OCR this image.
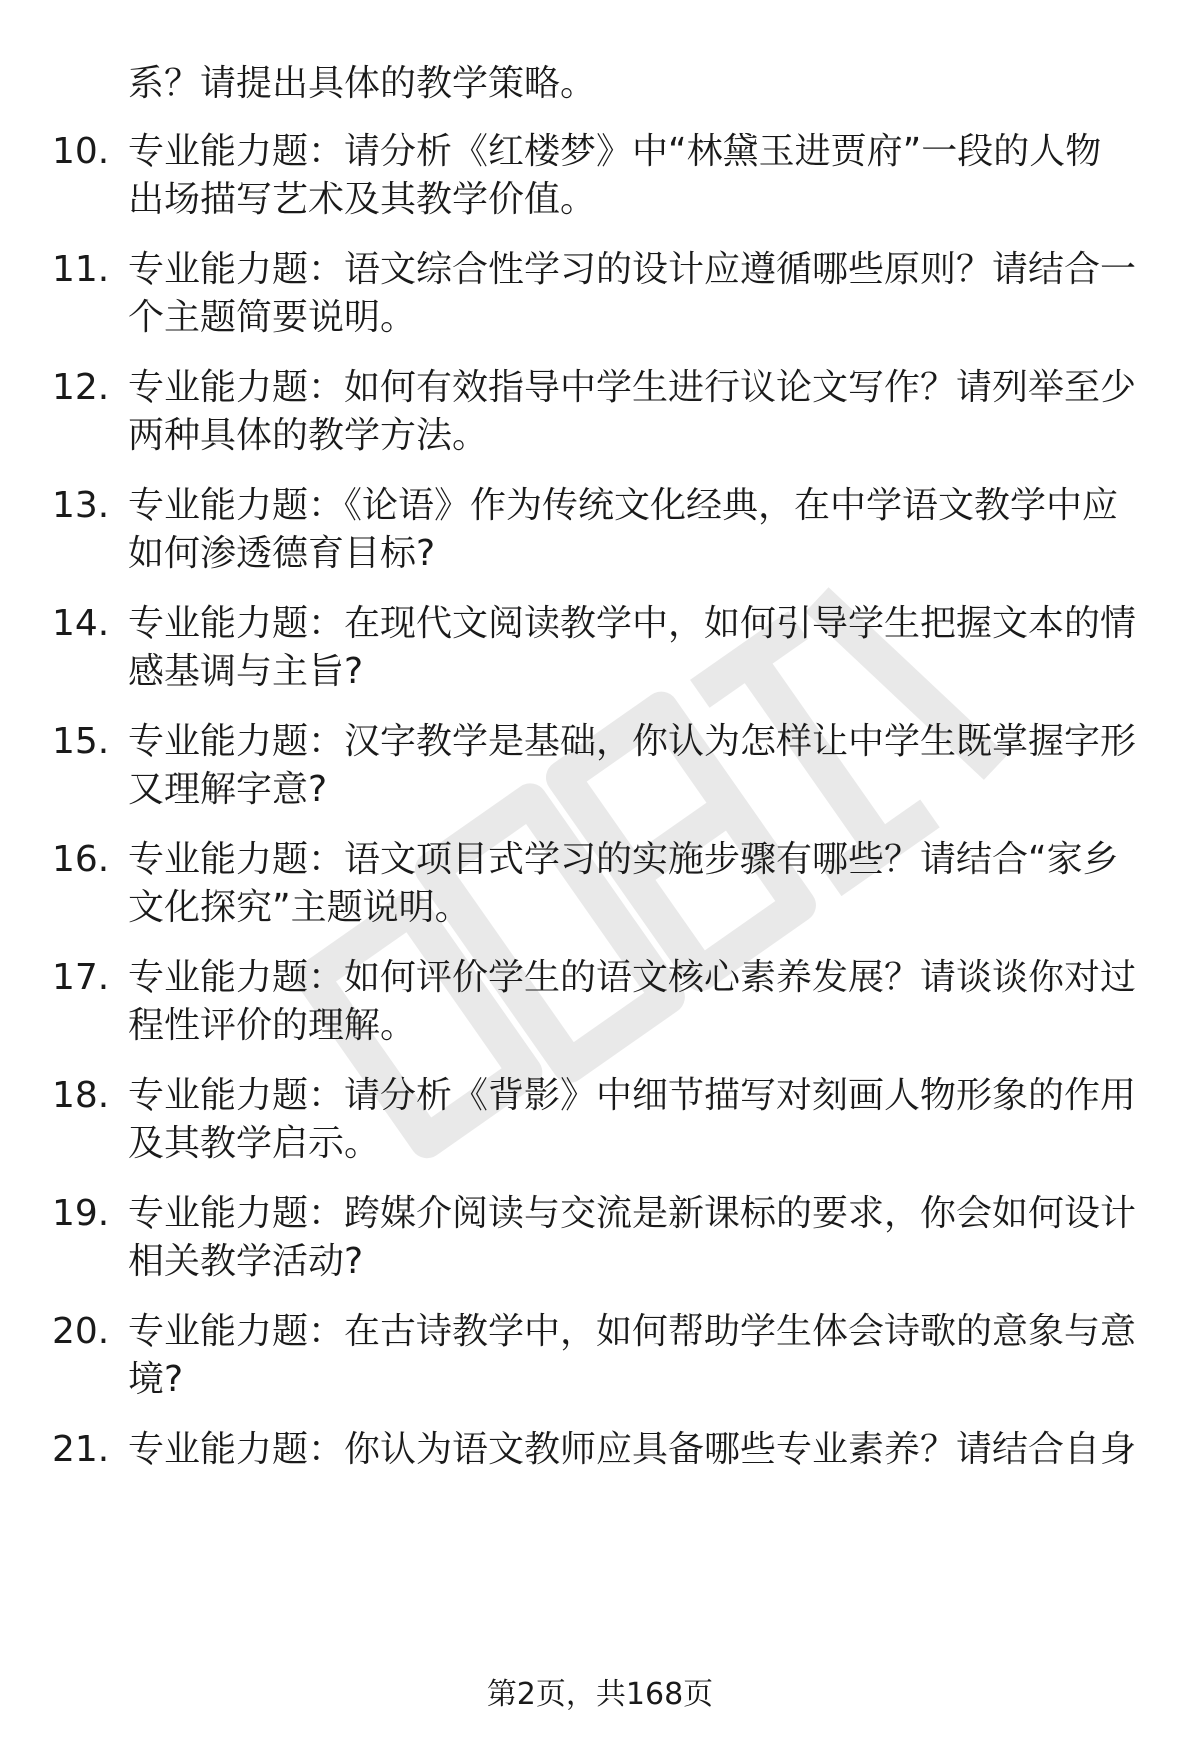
系？请提出具体的教学策略。
10. 专业能力题：请分析《红楼梦》中“林黛玉进贾府”一段的人物
出场描写艺术及其教学价值。
11. 专业能力题：语文综合性学习的设计应遵循哪些原则？请结合一
个主题简要说明。
12. 专业能力题：如何有效指导中学生进行议论文写作？请列举至少
两种具体的教学方法。
13. 专业能力题：《论语》作为传统文化经典，在中学语文教学中应
如何渗透德育目标?
14. 专业能力题：在现代文阅读教学中，如何引导学生把握文本的情
感基调与主旨?
15. 专业能力题：汉字教学是基础，你认为怎样让中学生既掌握字形
又理解字意?
16. 专业能力题：语文项目式学习的实施步骤有哪些？请结合“家乡
文化探究”主题说明。
17. 专业能力题：如何评价学生的语文核心素养发展？请谈谈你对过
程性评价的理解。
18. 专业能力题：请分析《背影》中细节描写对刻画人物形象的作用
及其教学启示。
19. 专业能力题：跨媒介阅读与交流是新课标的要求，你会如何设计
相关教学活动?
20. 专业能力题：在古诗教学中，如何帮助学生体会诗歌的意象与意
境?
21. 专业能力题：你认为语文教师应具备哪些专业素养？请结合自身
第2页，共168页
